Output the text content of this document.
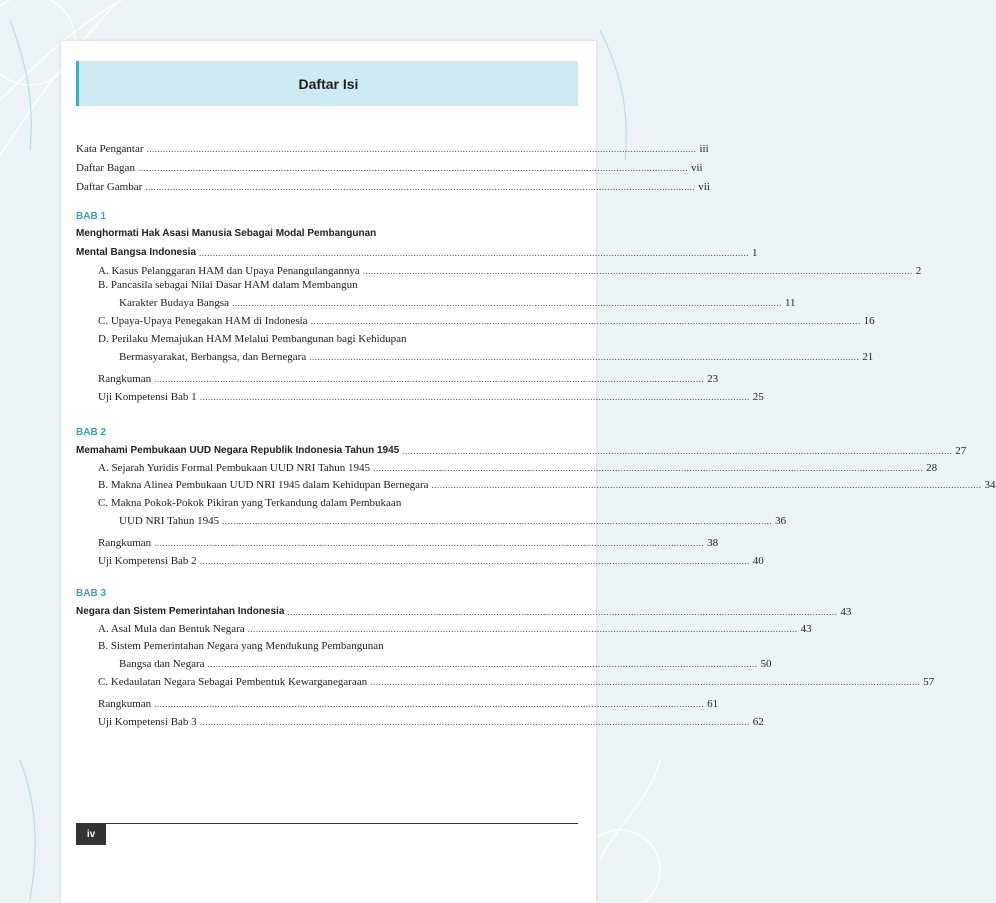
Daftar Isi
Kata Pengantar ........................................................................................................................................................................................................ iii
Daftar Bagan ........................................................................................................................................................................................................ vii
Daftar Gambar ........................................................................................................................................................................................................ vii
BAB 1
Menghormati Hak Asasi Manusia Sebagai Modal Pembangunan
Mental Bangsa Indonesia ........................................................................................................................................................................................................ 1
A. Kasus Pelanggaran HAM dan Upaya Penangulangannya ........................................................................................................................................................................................................ 2
B. Pancasila sebagai Nilai Dasar HAM dalam Membangun
Karakter Budaya Bangsa ........................................................................................................................................................................................................ 11
C. Upaya-Upaya Penegakan HAM di Indonesia ........................................................................................................................................................................................................ 16
D. Perilaku Memajukan HAM Melalui Pembangunan bagi Kehidupan
Bermasyarakat, Berbangsa, dan Bernegara ........................................................................................................................................................................................................ 21
Rangkuman ........................................................................................................................................................................................................ 23
Uji Kompetensi Bab 1 ........................................................................................................................................................................................................ 25
BAB 2
Memahami Pembukaan UUD Negara Republik Indonesia Tahun 1945 ........................................................................................................................................................................................................ 27
A. Sejarah Yuridis Formal Pembukaan UUD NRI Tahun 1945 ........................................................................................................................................................................................................ 28
B. Makna Alinea Pembukaan UUD NRI 1945 dalam Kehidupan Bernegara ........................................................................................................................................................................................................ 34
C. Makna Pokok-Pokok Pikiran yang Terkandung dalam Pembukaan
UUD NRI Tahun 1945 ........................................................................................................................................................................................................ 36
Rangkuman ........................................................................................................................................................................................................ 38
Uji Kompetensi Bab 2 ........................................................................................................................................................................................................ 40
BAB 3
Negara dan Sistem Pemerintahan Indonesia ........................................................................................................................................................................................................ 43
A. Asal Mula dan Bentuk Negara ........................................................................................................................................................................................................ 43
B. Sistem Pemerintahan Negara yang Mendukung Pembangunan
Bangsa dan Negara ........................................................................................................................................................................................................ 50
C. Kedaulatan Negara Sebagai Pembentuk Kewarganegaraan ........................................................................................................................................................................................................ 57
Rangkuman ........................................................................................................................................................................................................ 61
Uji Kompetensi Bab 3 ........................................................................................................................................................................................................ 62
iv
